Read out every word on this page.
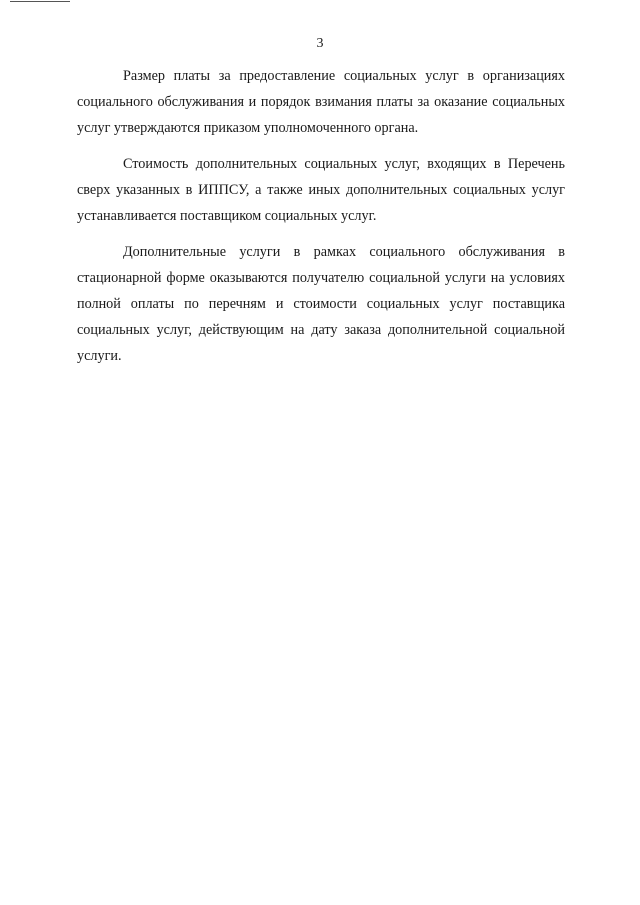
3

Размер платы за предоставление социальных услуг в организациях социального обслуживания и порядок взимания платы за оказание социальных услуг утверждаются приказом уполномоченного органа.

Стоимость дополнительных социальных услуг, входящих в Перечень сверх указанных в ИППСУ, а также иных дополнительных социальных услуг устанавливается поставщиком социальных услуг.

Дополнительные услуги в рамках социального обслуживания в стационарной форме оказываются получателю социальной услуги на условиях полной оплаты по перечням и стоимости социальных услуг поставщика социальных услуг, действующим на дату заказа дополнительной социальной услуги.
